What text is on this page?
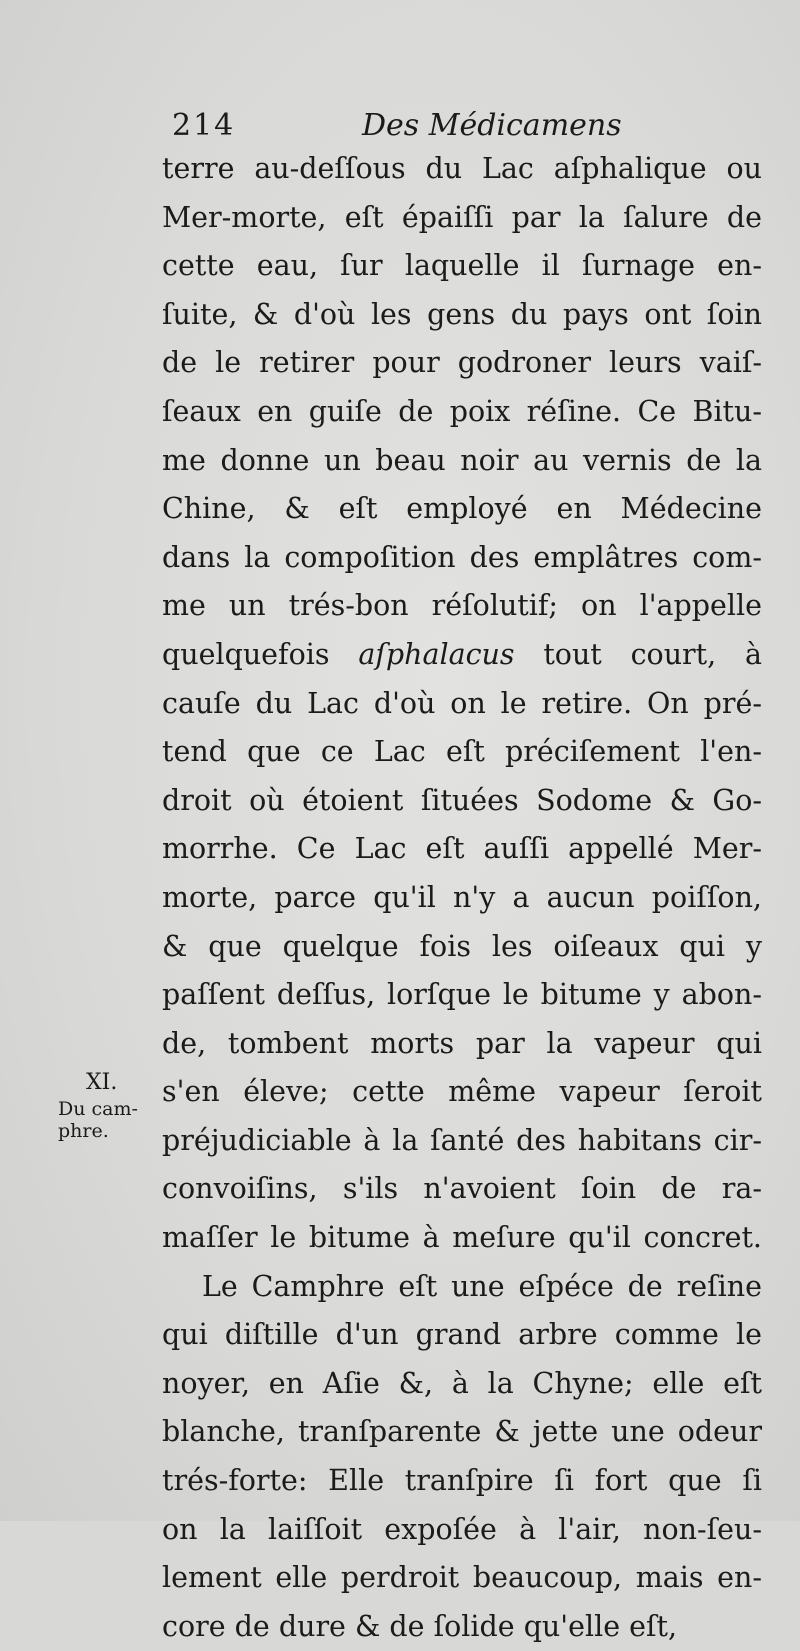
214	Des Médicamens
terre au-deſſous du Lac aſphalique ou
Mer-morte, eſt épaiſſi par la ſalure de
cette eau, ſur laquelle il ſurnage en-
ſuite, & d'où les gens du pays ont ſoin
de le retirer pour godroner leurs vaiſ-
ſeaux en guiſe de poix réſine. Ce Bitu-
me donne un beau noir au vernis de la
Chine, & eſt employé en Médecine
dans la compoſition des emplâtres com-
me un trés-bon réſolutif; on l'appelle
quelquefois aſphalacus tout court, à
cauſe du Lac d'où on le retire. On pré-
tend que ce Lac eſt préciſement l'en-
droit où étoient ſituées Sodome & Go-
morrhe. Ce Lac eſt auſſi appellé Mer-
morte, parce qu'il n'y a aucun poiſſon,
& que quelque fois les oiſeaux qui y
paſſent deſſus, lorſque le bitume y abon-
de, tombent morts par la vapeur qui
s'en éleve; cette même vapeur ſeroit
préjudiciable à la ſanté des habitans cir-
convoiſins, s'ils n'avoient ſoin de ra-
maſſer le bitume à meſure qu'il concret.
Le Camphre eſt une eſpéce de reſine
qui diſtille d'un grand arbre comme le
noyer, en Aſie &, à la Chyne; elle eſt
blanche, tranſparente & jette une odeur
trés-forte: Elle tranſpire ſi fort que ſi
on la laiſſoit expoſée à l'air, non-ſeu-
lement elle perdroit beaucoup, mais en-
core de dure & de ſolide qu'elle eſt,
XI.
Du cam-
phre.
